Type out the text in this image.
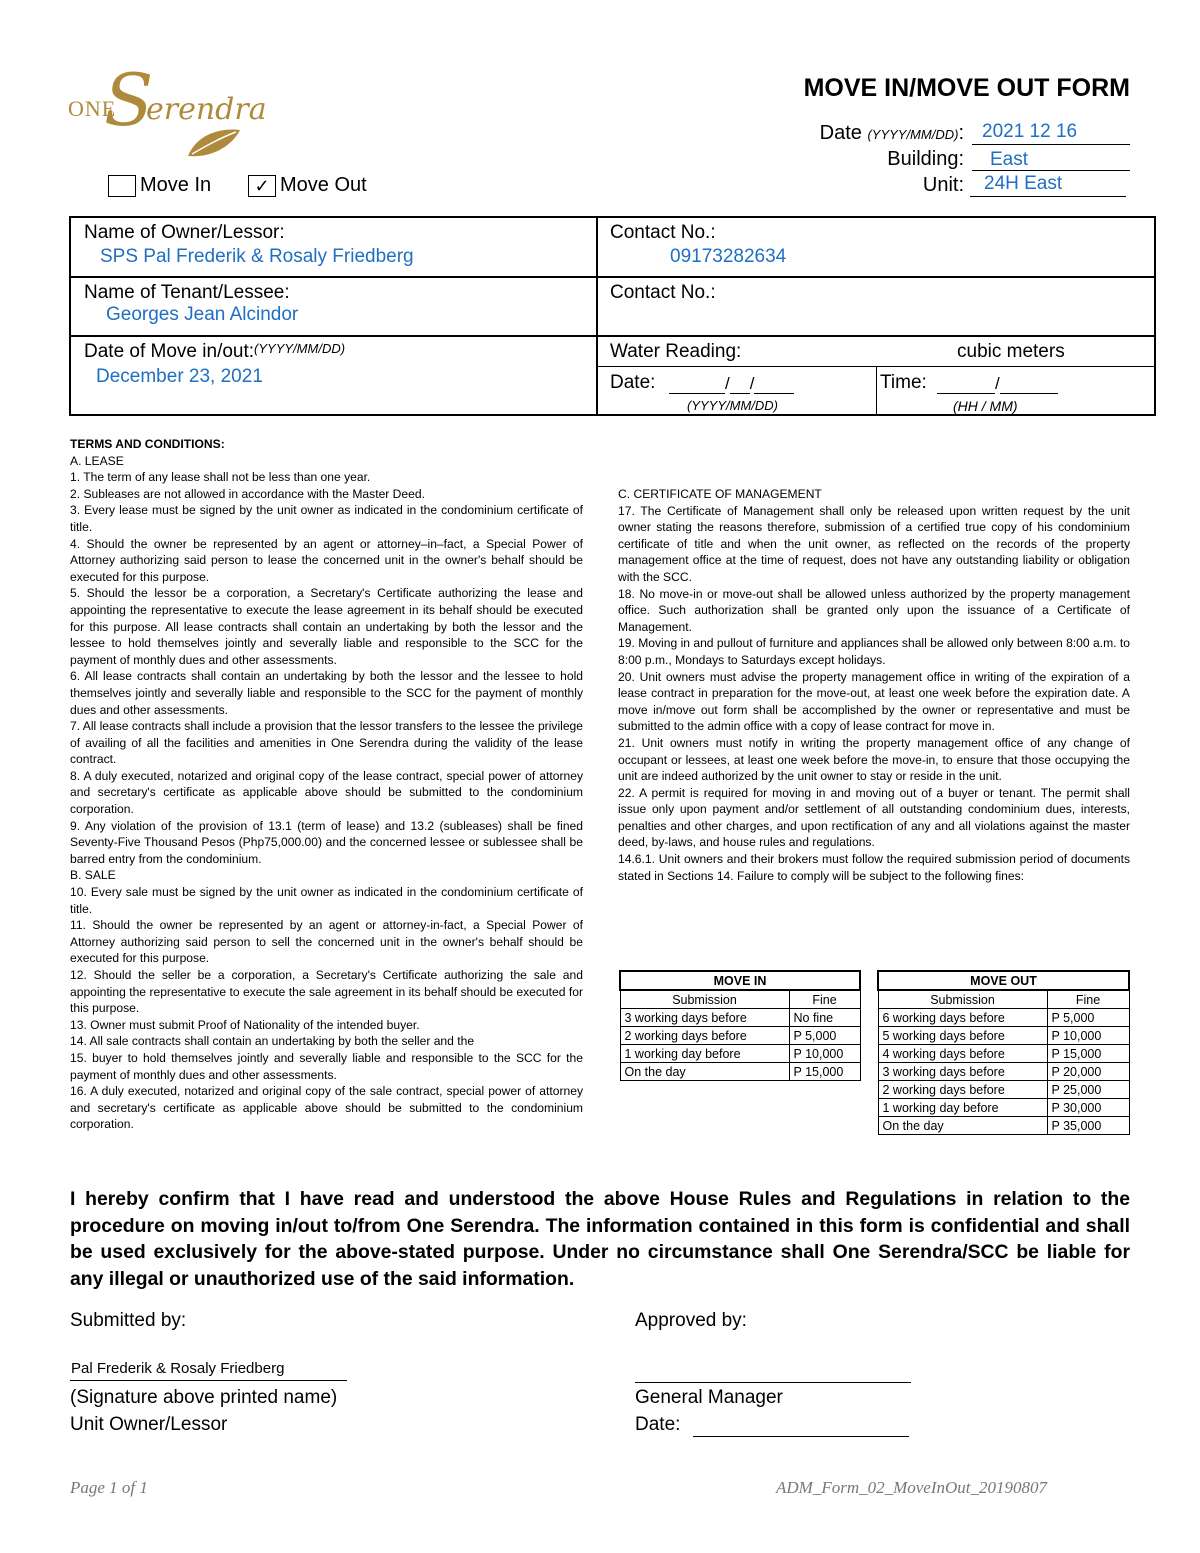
ONE
S
erendra
MOVE IN/MOVE OUT FORM
Date (YYYY/MM/DD): 2021 12 16
Building: East
Unit: 24H East
Move In	✓ Move Out
Name of Owner/Lessor:
SPS Pal Frederik & Rosaly Friedberg
Contact No.:
09173282634
Name of Tenant/Lessee:
Georges Jean Alcindor
Contact No.:
Date of Move in/out:$^{(YYYY/MM/DD)}$
December 23, 2021
Water Reading:	cubic meters
Date:	/ /
(YYYY/MM/DD)
Time:	/
(HH / MM)

TERMS AND CONDITIONS:

A. LEASE

1. The term of any lease shall not be less than one year.

2. Subleases are not allowed in accordance with the Master Deed.

3. Every lease must be signed by the unit owner as indicated in the condominium certificate of title.

4. Should the owner be represented by an agent or attorney–in–fact, a Special Power of Attorney authorizing said person to lease the concerned unit in the owner's behalf should be executed for this purpose.

5. Should the lessor be a corporation, a Secretary's Certificate authorizing the lease and appointing the representative to execute the lease agreement in its behalf should be executed for this purpose. All lease contracts shall contain an undertaking by both the lessor and the lessee to hold themselves jointly and severally liable and responsible to the SCC for the payment of monthly dues and other assessments.

6. All lease contracts shall contain an undertaking by both the lessor and the lessee to hold themselves jointly and severally liable and responsible to the SCC for the payment of monthly dues and other assessments.

7. All lease contracts shall include a provision that the lessor transfers to the lessee the privilege of availing of all the facilities and amenities in One Serendra during the validity of the lease contract.

8. A duly executed, notarized and original copy of the lease contract, special power of attorney and secretary's certificate as applicable above should be submitted to the condominium corporation.

9. Any violation of the provision of 13.1 (term of lease) and 13.2 (subleases) shall be fined Seventy-Five Thousand Pesos (Php75,000.00) and the concerned lessee or sublessee shall be barred entry from the condominium.

B. SALE

10. Every sale must be signed by the unit owner as indicated in the condominium certificate of title.

11. Should the owner be represented by an agent or attorney-in-fact, a Special Power of Attorney authorizing said person to sell the concerned unit in the owner's behalf should be executed for this purpose.

12. Should the seller be a corporation, a Secretary's Certificate authorizing the sale and appointing the representative to execute the sale agreement in its behalf should be executed for this purpose.

13. Owner must submit Proof of Nationality of the intended buyer.

14. All sale contracts shall contain an undertaking by both the seller and the

15. buyer to hold themselves jointly and severally liable and responsible to the SCC for the payment of monthly dues and other assessments.

16. A duly executed, notarized and original copy of the sale contract, special power of attorney and secretary's certificate as applicable above should be submitted to the condominium corporation.

C. CERTIFICATE OF MANAGEMENT

17. The Certificate of Management shall only be released upon written request by the unit owner stating the reasons therefore, submission of a certified true copy of his condominium certificate of title and when the unit owner, as reflected on the records of the property management office at the time of request, does not have any outstanding liability or obligation with the SCC.

18. No move-in or move-out shall be allowed unless authorized by the property management office. Such authorization shall be granted only upon the issuance of a Certificate of Management.

19. Moving in and pullout of furniture and appliances shall be allowed only between 8:00 a.m. to 8:00 p.m., Mondays to Saturdays except holidays.

20. Unit owners must advise the property management office in writing of the expiration of a lease contract in preparation for the move-out, at least one week before the expiration date. A move in/move out form shall be accomplished by the owner or representative and must be submitted to the admin office with a copy of lease contract for move in.

21. Unit owners must notify in writing the property management office of any change of occupant or lessees, at least one week before the move-in, to ensure that those occupying the unit are indeed authorized by the unit owner to stay or reside in the unit.

22. A permit is required for moving in and moving out of a buyer or tenant. The permit shall issue only upon payment and/or settlement of all outstanding condominium dues, interests, penalties and other charges, and upon rectification of any and all violations against the master deed, by-laws, and house rules and regulations.

14.6.1. Unit owners and their brokers must follow the required submission period of documents stated in Sections 14. Failure to comply will be subject to the following fines:

MOVE IN	
Submission	Fine
3 working days before	No fine
2 working days before	P 5,000
1 working day before	P 10,000
On the day	P 15,000
MOVE OUT	
Submission	Fine
6 working days before	P 5,000
5 working days before	P 10,000
4 working days before	P 15,000
3 working days before	P 20,000
2 working days before	P 25,000
1 working day before	P 30,000
On the day	P 35,000
I hereby confirm that I have read and understood the above House Rules and Regulations in relation to the procedure on moving in/out to/from One Serendra. The information contained in this form is confidential and shall be used exclusively for the above-stated purpose. Under no circumstance shall One Serendra/SCC be liable for any illegal or unauthorized use of the said information.
Submitted by:
Pal Frederik & Rosaly Friedberg
(Signature above printed name)
Unit Owner/Lessor
Approved by:
General Manager
Date:
Page 1 of 1	ADM_Form_02_MoveInOut_20190807
